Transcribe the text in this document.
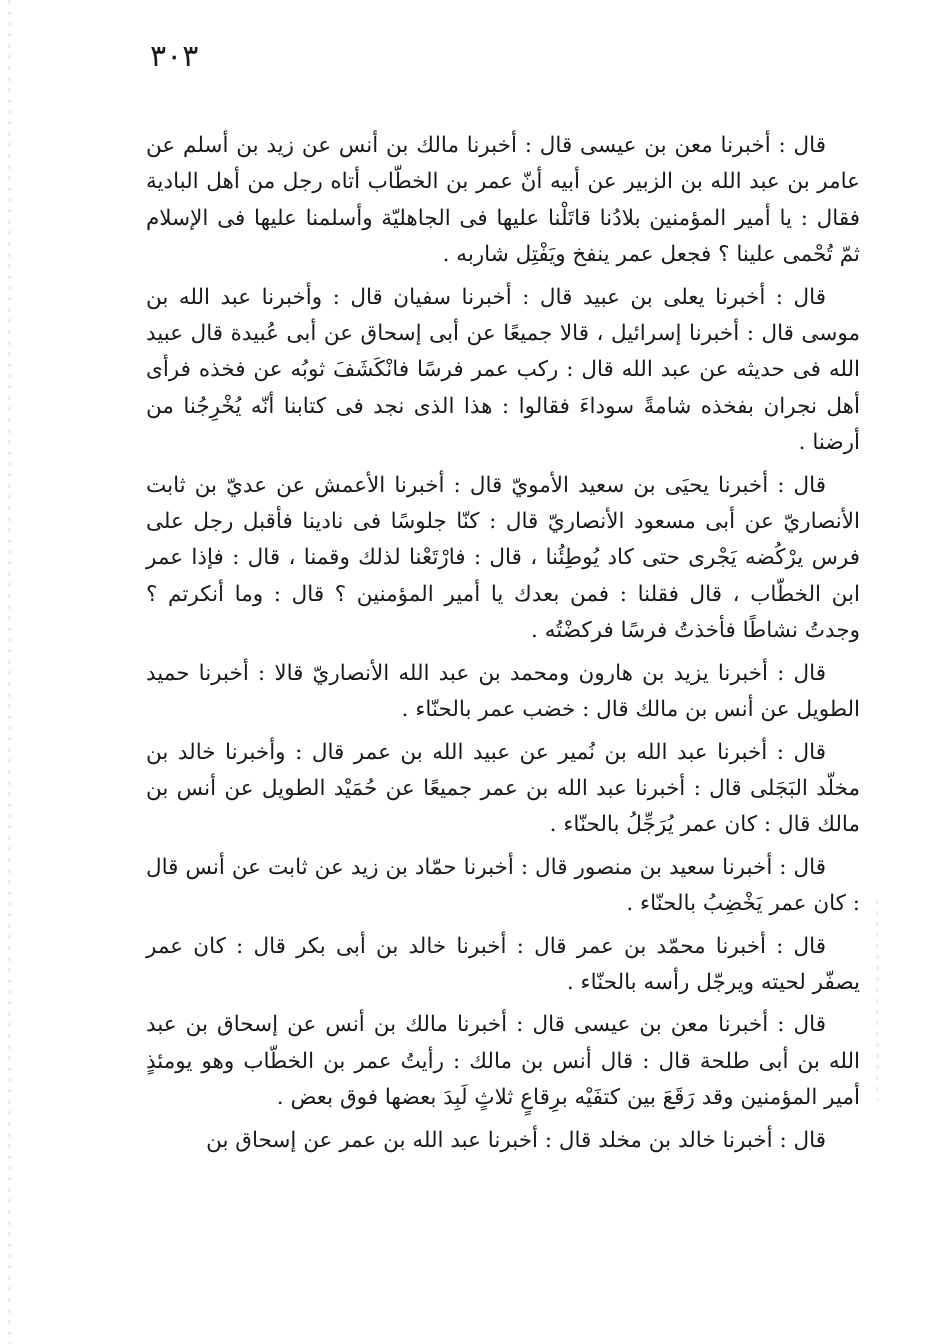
٣٠٣

قال : أخبرنا معن بن عيسى قال : أخبرنا مالك بن أنس عن زيد بن أسلم عن عامر بن عبد الله بن الزبير عن أبيه أنّ عمر بن الخطّاب أتاه رجل من أهل البادية فقال : يا أمير المؤمنين بلادُنا قاتَلْنا عليها فى الجاهليّة وأسلمنا عليها فى الإسلام ثمّ تُحْمى علينا ؟ فجعل عمر ينفخ ويَفْتِل شاربه .

قال : أخبرنا يعلى بن عبيد قال : أخبرنا سفيان قال : وأخبرنا عبد الله بن موسى قال : أخبرنا إسرائيل ، قالا جميعًا عن أبى إسحاق عن أبى عُبيدة قال عبيد الله فى حديثه عن عبد الله قال : ركب عمر فرسًا فانْكَشَفَ ثوبُه عن فخذه فرأى أهل نجران بفخذه شامةً سوداءَ فقالوا : هذا الذى نجد فى كتابنا أنّه يُخْرِجُنا من أرضنا .

قال : أخبرنا يحيَى بن سعيد الأمويّ قال : أخبرنا الأعمش عن عديّ بن ثابت الأنصاريّ عن أبى مسعود الأنصاريّ قال : كنّا جلوسًا فى نادينا فأقبل رجل على فرس يرْكُضه يَجْرى حتى كاد يُوطِئُنا ، قال : فارْتَعْنا لذلك وقمنا ، قال : فإذا عمر ابن الخطّاب ، قال فقلنا : فمن بعدك يا أمير المؤمنين ؟ قال : وما أنكرتم ؟ وجدتُ نشاطًا فأخذتُ فرسًا فركضْتُه .

قال : أخبرنا يزيد بن هارون ومحمد بن عبد الله الأنصاريّ قالا : أخبرنا حميد الطويل عن أنس بن مالك قال : خضب عمر بالحنّاء .

قال : أخبرنا عبد الله بن نُمير عن عبيد الله بن عمر قال : وأخبرنا خالد بن مخلّد البَجَلى قال : أخبرنا عبد الله بن عمر جميعًا عن حُمَيْد الطويل عن أنس بن مالك قال : كان عمر يُرَجِّلُ بالحنّاء .

قال : أخبرنا سعيد بن منصور قال : أخبرنا حمّاد بن زيد عن ثابت عن أنس قال : كان عمر يَخْضِبُ بالحنّاء .

قال : أخبرنا محمّد بن عمر قال : أخبرنا خالد بن أبى بكر قال : كان عمر يصفّر لحيته ويرجّل رأسه بالحنّاء .

قال : أخبرنا معن بن عيسى قال : أخبرنا مالك بن أنس عن إسحاق بن عبد الله بن أبى طلحة قال : قال أنس بن مالك : رأيتُ عمر بن الخطّاب وهو يومئذٍ أمير المؤمنين وقد رَقَعَ بين كتفَيْه برِقاعٍ ثلاثٍ لَبِدَ بعضها فوق بعض .

قال : أخبرنا خالد بن مخلد قال : أخبرنا عبد الله بن عمر عن إسحاق بن
